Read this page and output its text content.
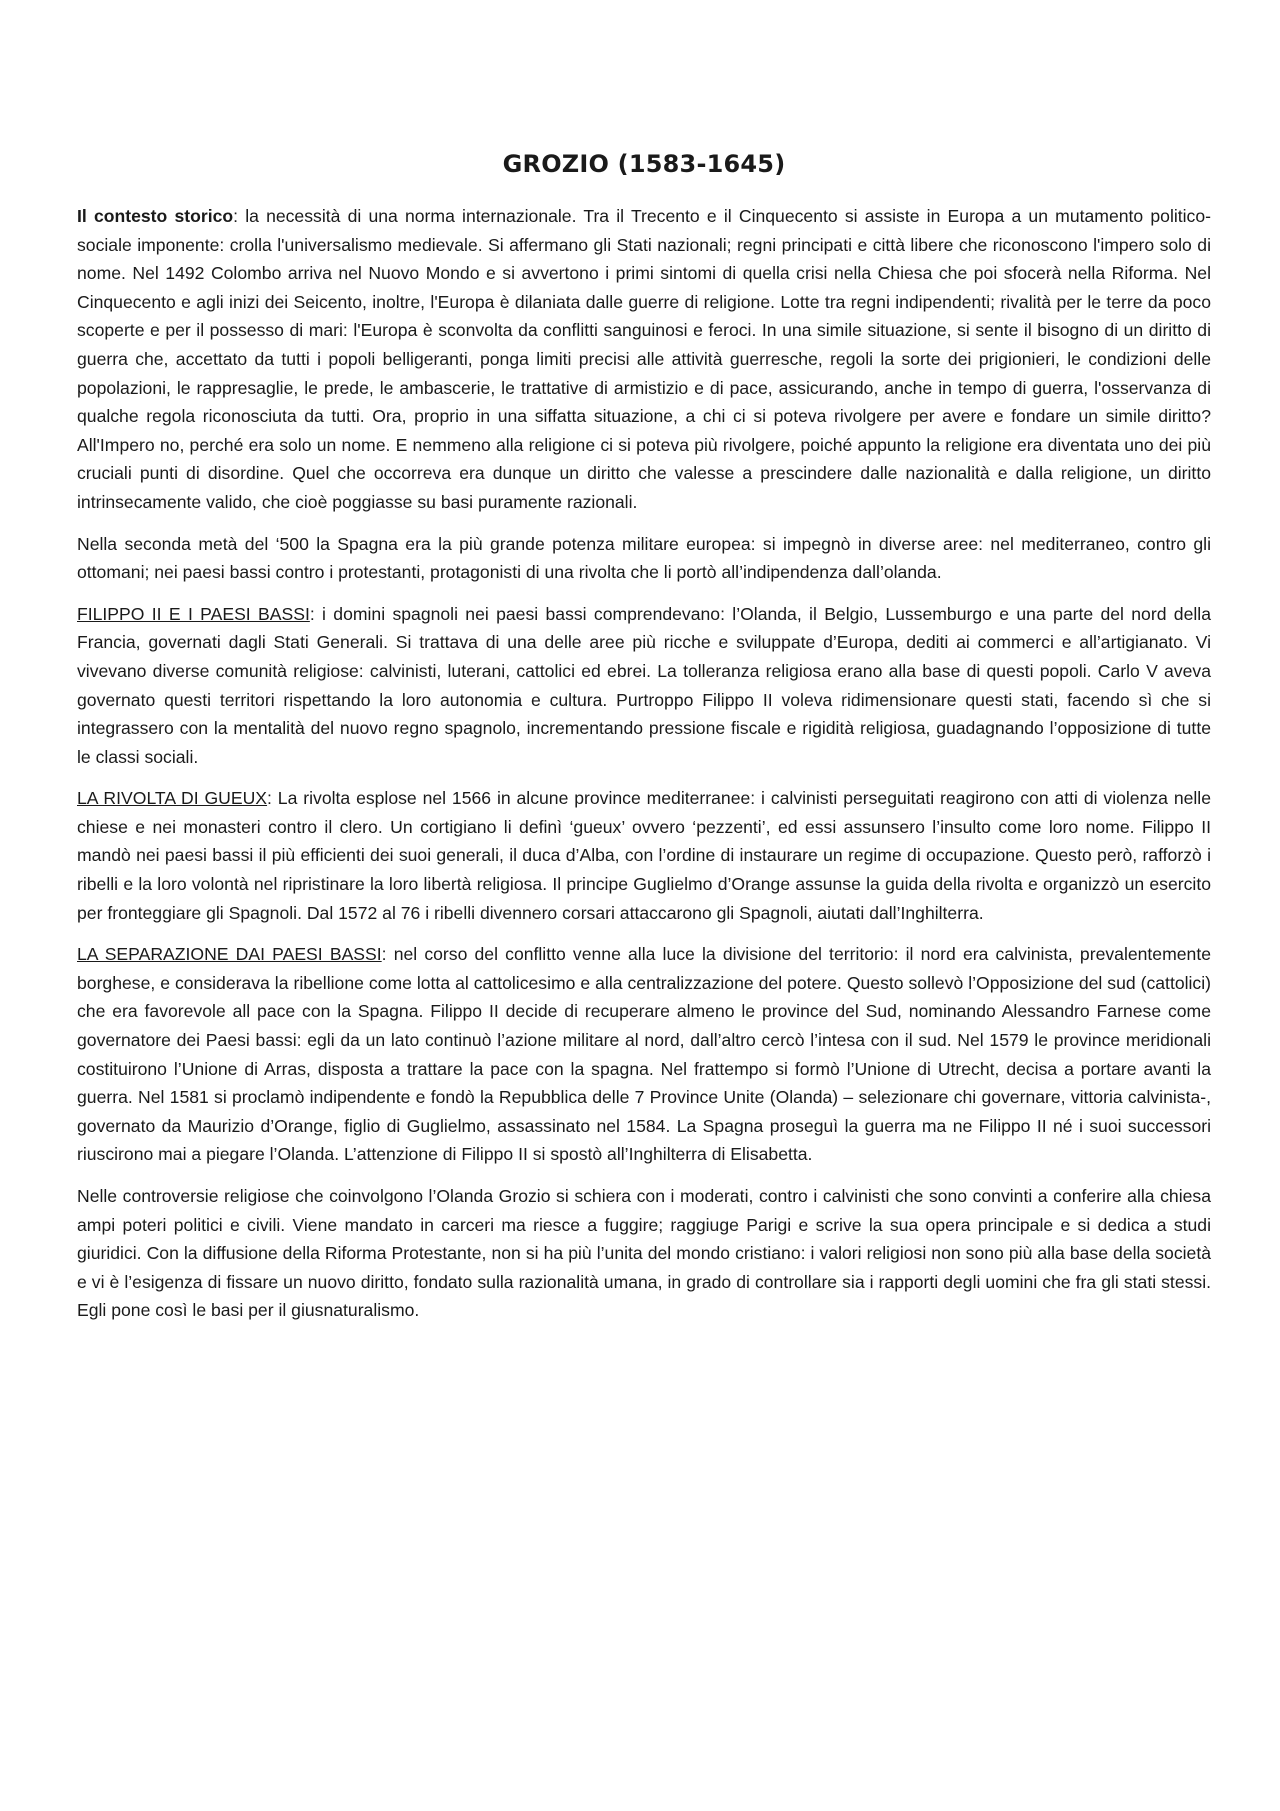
GROZIO (1583-1645)

Il contesto storico: la necessità di una norma internazionale. Tra il Trecento e il Cinquecento si assiste in Europa a un mutamento politico-sociale imponente: crolla l'universalismo medievale. Si affermano gli Stati nazionali; regni principati e città libere che riconoscono l'impero solo di nome. Nel 1492 Colombo arriva nel Nuovo Mondo e si avvertono i primi sintomi di quella crisi nella Chiesa che poi sfocerà nella Riforma. Nel Cinquecento e agli inizi dei Seicento, inoltre, l'Europa è dilaniata dalle guerre di religione. Lotte tra regni indipendenti; rivalità per le terre da poco scoperte e per il possesso di mari: l'Europa è sconvolta da conflitti sanguinosi e feroci. In una simile situazione, si sente il bisogno di un diritto di guerra che, accettato da tutti i popoli belligeranti, ponga limiti precisi alle attività guerresche, regoli la sorte dei prigionieri, le condizioni delle popolazioni, le rappresaglie, le prede, le ambascerie, le trattative di armistizio e di pace, assicurando, anche in tempo di guerra, l'osservanza di qualche regola riconosciuta da tutti. Ora, proprio in una siffatta situazione, a chi ci si poteva rivolgere per avere e fondare un simile diritto? All'Impero no, perché era solo un nome. E nemmeno alla religione ci si poteva più rivolgere, poiché appunto la religione era diventata uno dei più cruciali punti di disordine. Quel che occorreva era dunque un diritto che valesse a prescindere dalle nazionalità e dalla religione, un diritto intrinsecamente valido, che cioè poggiasse su basi puramente razionali.

Nella seconda metà del ‘500 la Spagna era la più grande potenza militare europea: si impegnò in diverse aree: nel mediterraneo, contro gli ottomani; nei paesi bassi contro i protestanti, protagonisti di una rivolta che li portò all’indipendenza dall’olanda.

FILIPPO II E I PAESI BASSI: i domini spagnoli nei paesi bassi comprendevano: l’Olanda, il Belgio, Lussemburgo e una parte del nord della Francia, governati dagli Stati Generali. Si trattava di una delle aree più ricche e sviluppate d’Europa, dediti ai commerci e all’artigianato. Vi vivevano diverse comunità religiose: calvinisti, luterani, cattolici ed ebrei. La tolleranza religiosa erano alla base di questi popoli. Carlo V aveva governato questi territori rispettando la loro autonomia e cultura. Purtroppo Filippo II voleva ridimensionare questi stati, facendo sì che si integrassero con la mentalità del nuovo regno spagnolo, incrementando pressione fiscale e rigidità religiosa, guadagnando l’opposizione di tutte le classi sociali.

LA RIVOLTA DI GUEUX: La rivolta esplose nel 1566 in alcune province mediterranee: i calvinisti perseguitati reagirono con atti di violenza nelle chiese e nei monasteri contro il clero. Un cortigiano li definì ‘gueux’ ovvero ‘pezzenti’, ed essi assunsero l’insulto come loro nome. Filippo II mandò nei paesi bassi il più efficienti dei suoi generali, il duca d’Alba, con l’ordine di instaurare un regime di occupazione. Questo però, rafforzò i ribelli e la loro volontà nel ripristinare la loro libertà religiosa. Il principe Guglielmo d’Orange assunse la guida della rivolta e organizzò un esercito per fronteggiare gli Spagnoli. Dal 1572 al 76 i ribelli divennero corsari attaccarono gli Spagnoli, aiutati dall’Inghilterra.

LA SEPARAZIONE DAI PAESI BASSI: nel corso del conflitto venne alla luce la divisione del territorio: il nord era calvinista, prevalentemente borghese, e considerava la ribellione come lotta al cattolicesimo e alla centralizzazione del potere. Questo sollevò l’Opposizione del sud (cattolici) che era favorevole all pace con la Spagna. Filippo II decide di recuperare almeno le province del Sud, nominando Alessandro Farnese come governatore dei Paesi bassi: egli da un lato continuò l’azione militare al nord, dall’altro cercò l’intesa con il sud. Nel 1579 le province meridionali costituirono l’Unione di Arras, disposta a trattare la pace con la spagna. Nel frattempo si formò l’Unione di Utrecht, decisa a portare avanti la guerra. Nel 1581 si proclamò indipendente e fondò la Repubblica delle 7 Province Unite (Olanda) – selezionare chi governare, vittoria calvinista-, governato da Maurizio d’Orange, figlio di Guglielmo, assassinato nel 1584. La Spagna proseguì la guerra ma ne Filippo II né i suoi successori riuscirono mai a piegare l’Olanda. L’attenzione di Filippo II si spostò all’Inghilterra di Elisabetta.

Nelle controversie religiose che coinvolgono l’Olanda Grozio si schiera con i moderati, contro i calvinisti che sono convinti a conferire alla chiesa ampi poteri politici e civili. Viene mandato in carceri ma riesce a fuggire; raggiuge Parigi e scrive la sua opera principale e si dedica a studi giuridici. Con la diffusione della Riforma Protestante, non si ha più l’unita del mondo cristiano: i valori religiosi non sono più alla base della società e vi è l’esigenza di fissare un nuovo diritto, fondato sulla razionalità umana, in grado di controllare sia i rapporti degli uomini che fra gli stati stessi. Egli pone così le basi per il giusnaturalismo.
